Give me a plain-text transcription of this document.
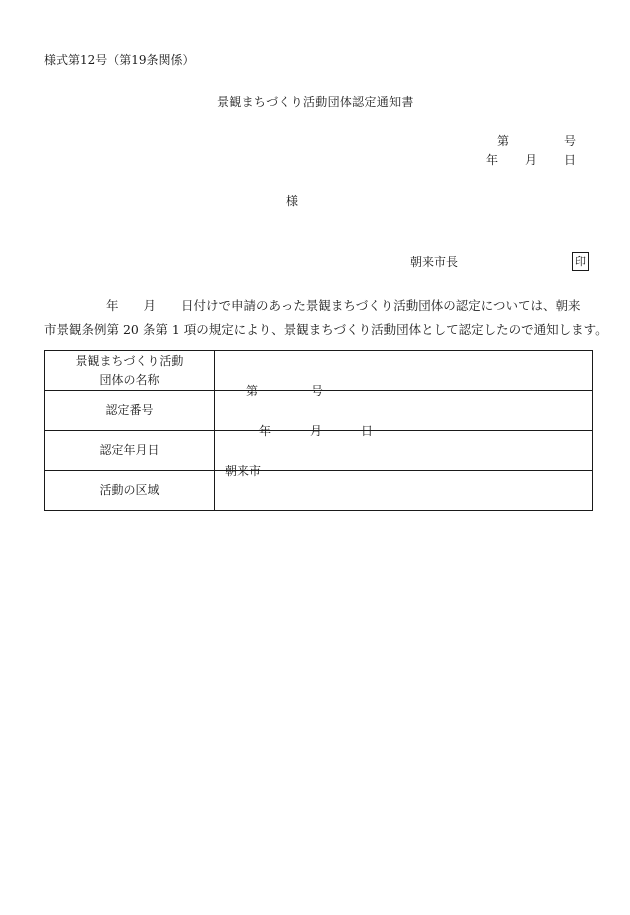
様式第12号（第19条関係）
景観まちづくり活動団体認定通知書
第	号
年 月 日
様
朝来市長	印
年 月 日付けで申請のあった景観まちづくり活動団体の認定については、朝来
市景観条例第 20 条第 1 項の規定により、景観まちづくり活動団体として認定したので通知します。
景観まちづくり活動
団体の名称	

認定番号	第 号

認定年月日	年 月 日

活動の区域	朝来市
